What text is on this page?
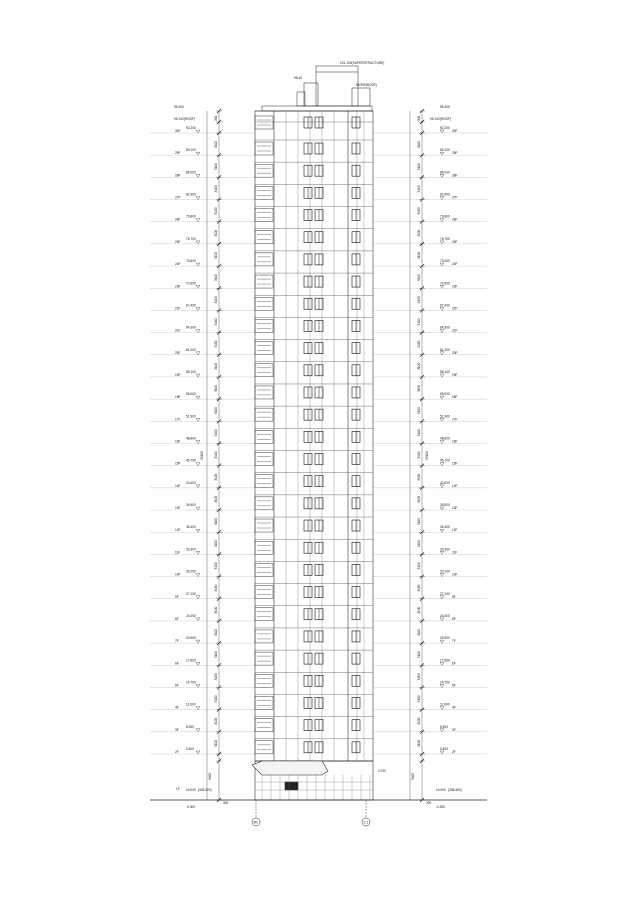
101.100(SUPERSTRUCTURE)
98.950(ROOF)
98.40
3.700
30F
92.200
29F
89.100
28F
86.000
27F
82.900
26F
79.800
25F
76.700
24F
73.600
23F
70.500
22F
67.400
21F
64.300
20F
61.200
19F
58.100
18F
55.000
17F
51.900
16F
48.800
15F
45.700
14F
42.600
13F
39.500
12F
36.400
11F
33.300
10F
30.200
9F
27.100
8F
24.000
7F
20.900
6F
17.800
5F
14.700
4F
11.600
3F
8.500
2F
5.400
92.200
30F
89.100
29F
86.000
28F
82.900
27F
79.800
26F
76.700
25F
73.600
24F
70.500
23F
67.400
22F
64.300
21F
61.200
20F
58.100
19F
55.000
18F
51.900
17F
48.800
16F
45.700
15F
42.600
14F
39.500
13F
36.400
12F
33.300
11F
30.200
10F
27.100
9F
24.000
8F
20.900
7F
17.800
6F
14.700
5F
11.600
4F
8.500
3F
5.400
2F
3100
3100
3100
3100
3100
3100
3100
3100
3100
3100
3100
3100
3100
3100
3100
3100
3100
3100
3100
3100
3100
3100
3100
3100
3100
3100
3100
3100
300
300
3100
3100
3100
3100
3100
3100
3100
3100
3100
3100
3100
3100
3100
3100
3100
3100
3100
3100
3100
3100
3100
3100
3100
3100
3100
3100
3100
3100
300
300
95.400
95.100(ROOF)
95.400
95.100(ROOF)
1F ±0.000 (308.400)
-0.300
±0.000 (308.400)
-0.300
5400	5400
95100	95100
9N	1-1
